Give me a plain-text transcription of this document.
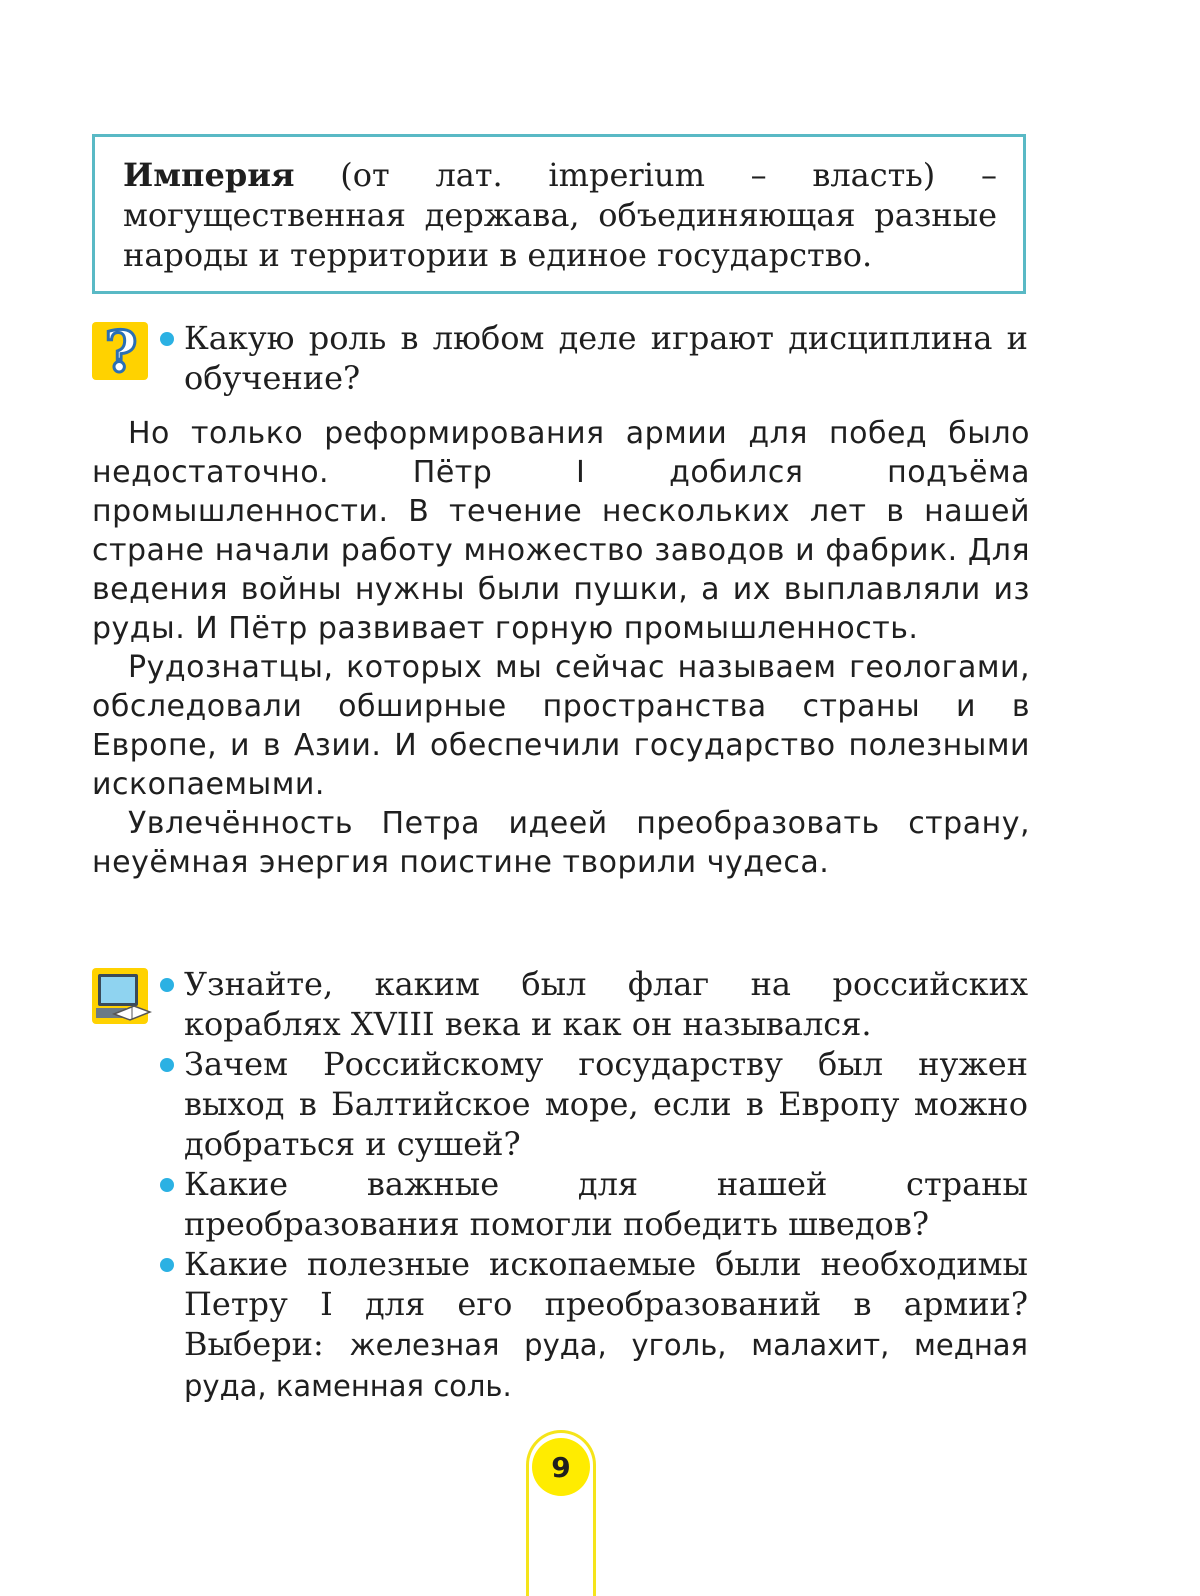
Империя (от лат. imperium – власть) – могущественная держава, объединяющая разные народы и территории в единое государство.
? Какую роль в любом деле играют дисциплина и обучение?

Но только реформирования армии для побед было недостаточно. Пётр I добился подъёма промышленности. В течение нескольких лет в нашей стране начали работу множество заводов и фабрик. Для ведения войны нужны были пушки, а их выплавляли из руды. И Пётр развивает горную промышленность.

Рудознатцы, которых мы сейчас называем геологами, обследовали обширные пространства страны и в Европе, и в Азии. И обеспечили государство полезными ископаемыми.

Увлечённость Петра идеей преобразовать страну, неуёмная энергия поистине творили чудеса.

Узнайте, каким был флаг на российских кораблях XVIII века и как он назывался.
Зачем Российскому государству был нужен выход в Балтийское море, если в Европу можно добраться и сушей?
Какие важные для нашей страны преобразования помогли победить шведов?
Какие полезные ископаемые были необходимы Петру I для его преобразований в армии? Выбери: железная руда, уголь, малахит, медная руда, каменная соль.
9
